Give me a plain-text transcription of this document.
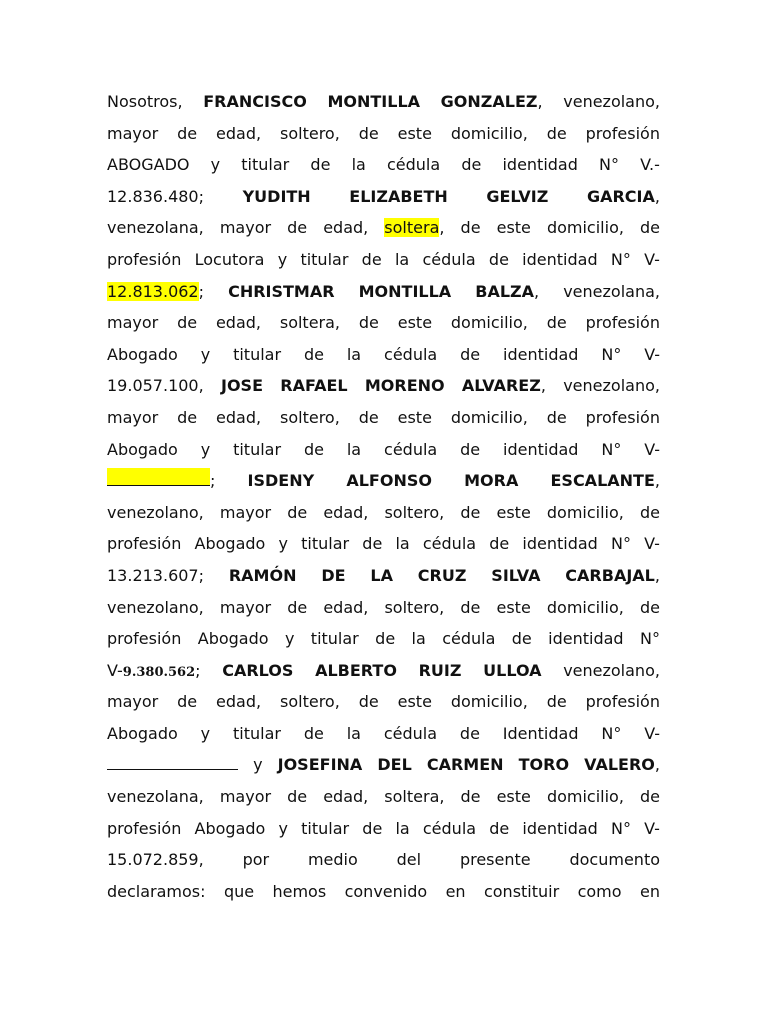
Nosotros, FRANCISCO MONTILLA GONZALEZ, venezolano,
mayor de edad, soltero, de este domicilio, de profesión
ABOGADO y titular de la cédula de identidad N° V.-
12.836.480; YUDITH ELIZABETH GELVIZ GARCIA,
venezolana, mayor de edad, soltera, de este domicilio, de
profesión Locutora y titular de la cédula de identidad N° V-
12.813.062; CHRISTMAR MONTILLA BALZA, venezolana,
mayor de edad, soltera, de este domicilio, de profesión
Abogado y titular de la cédula de identidad N° V-
19.057.100, JOSE RAFAEL MORENO ALVAREZ, venezolano,
mayor de edad, soltero, de este domicilio, de profesión
Abogado y titular de la cédula de identidad N° V-
; ISDENY ALFONSO MORA ESCALANTE,
venezolano, mayor de edad, soltero, de este domicilio, de
profesión Abogado y titular de la cédula de identidad N° V-
13.213.607; RAMÓN DE LA CRUZ SILVA CARBAJAL,
venezolano, mayor de edad, soltero, de este domicilio, de
profesión Abogado y titular de la cédula de identidad N°
V-9.380.562; CARLOS ALBERTO RUIZ ULLOA venezolano,
mayor de edad, soltero, de este domicilio, de profesión
Abogado y titular de la cédula de Identidad N° V-
y JOSEFINA DEL CARMEN TORO VALERO,
venezolana, mayor de edad, soltera, de este domicilio, de
profesión Abogado y titular de la cédula de identidad N° V-
15.072.859, por medio del presente documento
declaramos: que hemos convenido en constituir como en
